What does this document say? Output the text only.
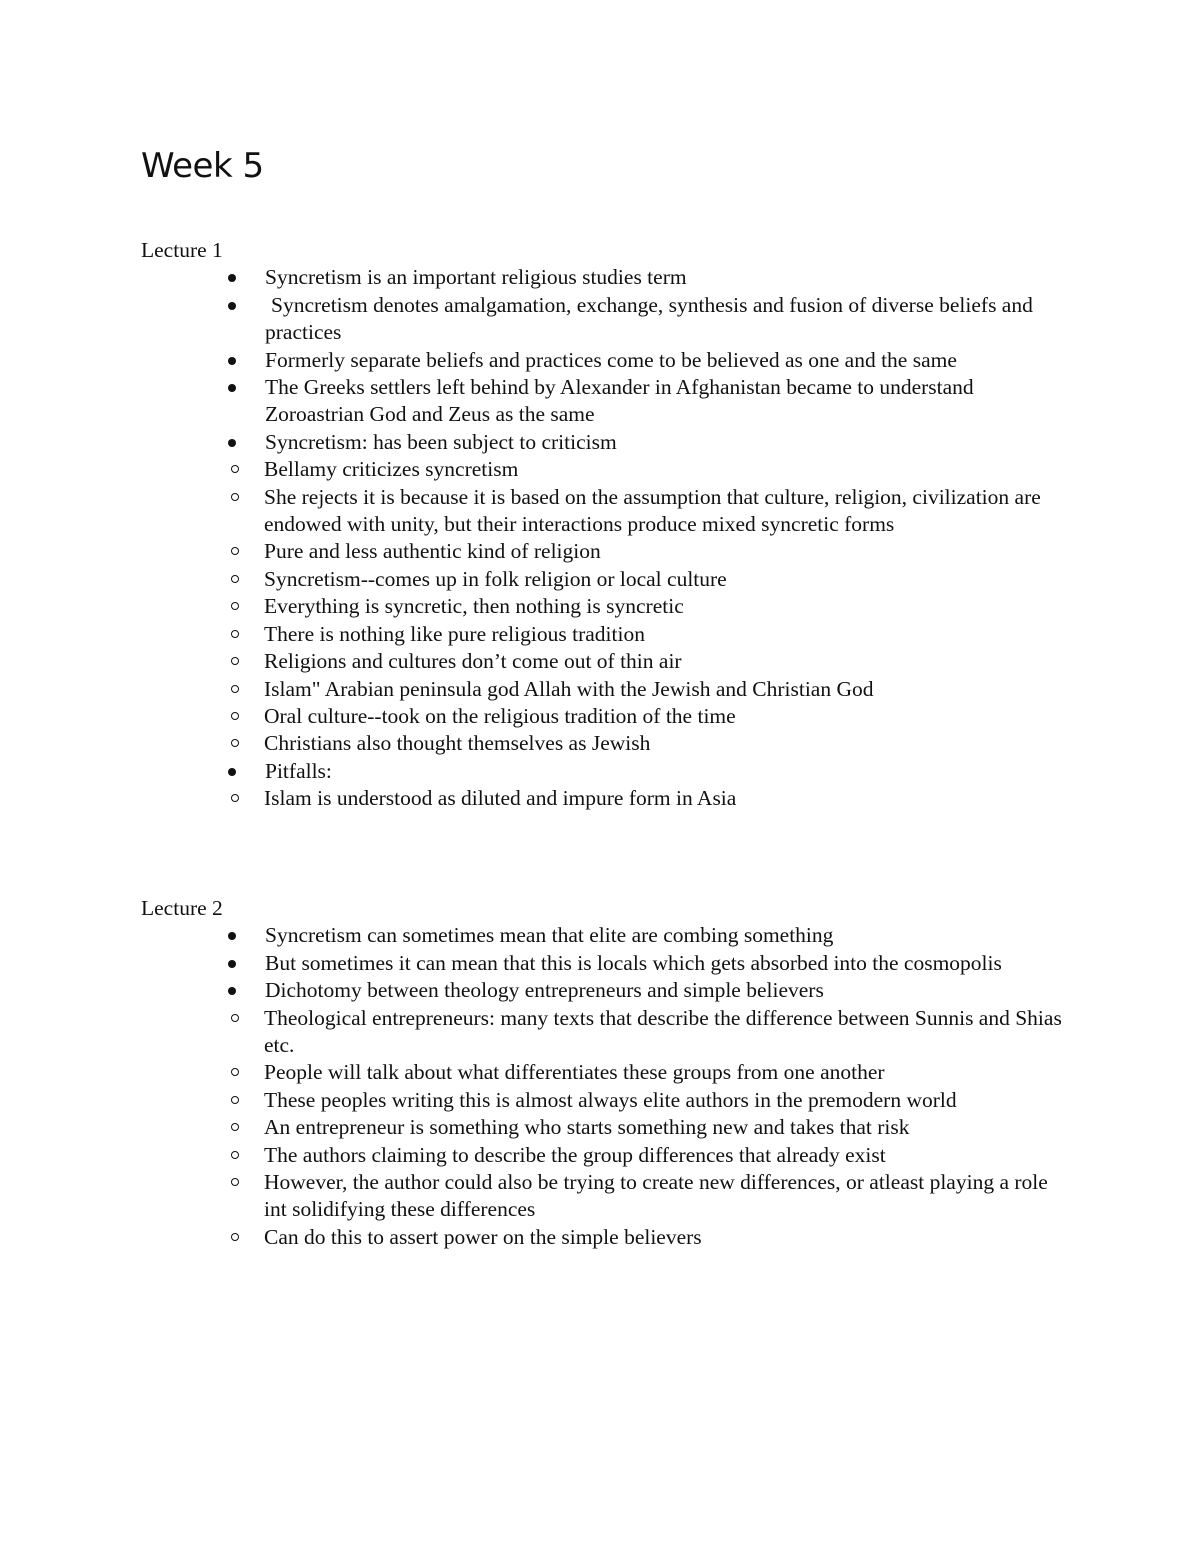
Week 5

Lecture 1

Syncretism is an important religious studies term
Syncretism denotes amalgamation, exchange, synthesis and fusion of diverse beliefs and practices
Formerly separate beliefs and practices come to be believed as one and the same
The Greeks settlers left behind by Alexander in Afghanistan became to understand Zoroastrian God and Zeus as the same
Syncretism: has been subject to criticism
Bellamy criticizes syncretism
She rejects it is because it is based on the assumption that culture, religion, civilization are endowed with unity, but their interactions produce mixed syncretic forms
Pure and less authentic kind of religion
Syncretism--comes up in folk religion or local culture
Everything is syncretic, then nothing is syncretic
There is nothing like pure religious tradition
Religions and cultures don’t come out of thin air
Islam" Arabian peninsula god Allah with the Jewish and Christian God
Oral culture--took on the religious tradition of the time
Christians also thought themselves as Jewish
Pitfalls:
Islam is understood as diluted and impure form in Asia

Lecture 2

Syncretism can sometimes mean that elite are combing something
But sometimes it can mean that this is locals which gets absorbed into the cosmopolis
Dichotomy between theology entrepreneurs and simple believers
Theological entrepreneurs: many texts that describe the difference between Sunnis and Shias etc.
People will talk about what differentiates these groups from one another
These peoples writing this is almost always elite authors in the premodern world
An entrepreneur is something who starts something new and takes that risk
The authors claiming to describe the group differences that already exist
However, the author could also be trying to create new differences, or atleast playing a role int solidifying these differences
Can do this to assert power on the simple believers
